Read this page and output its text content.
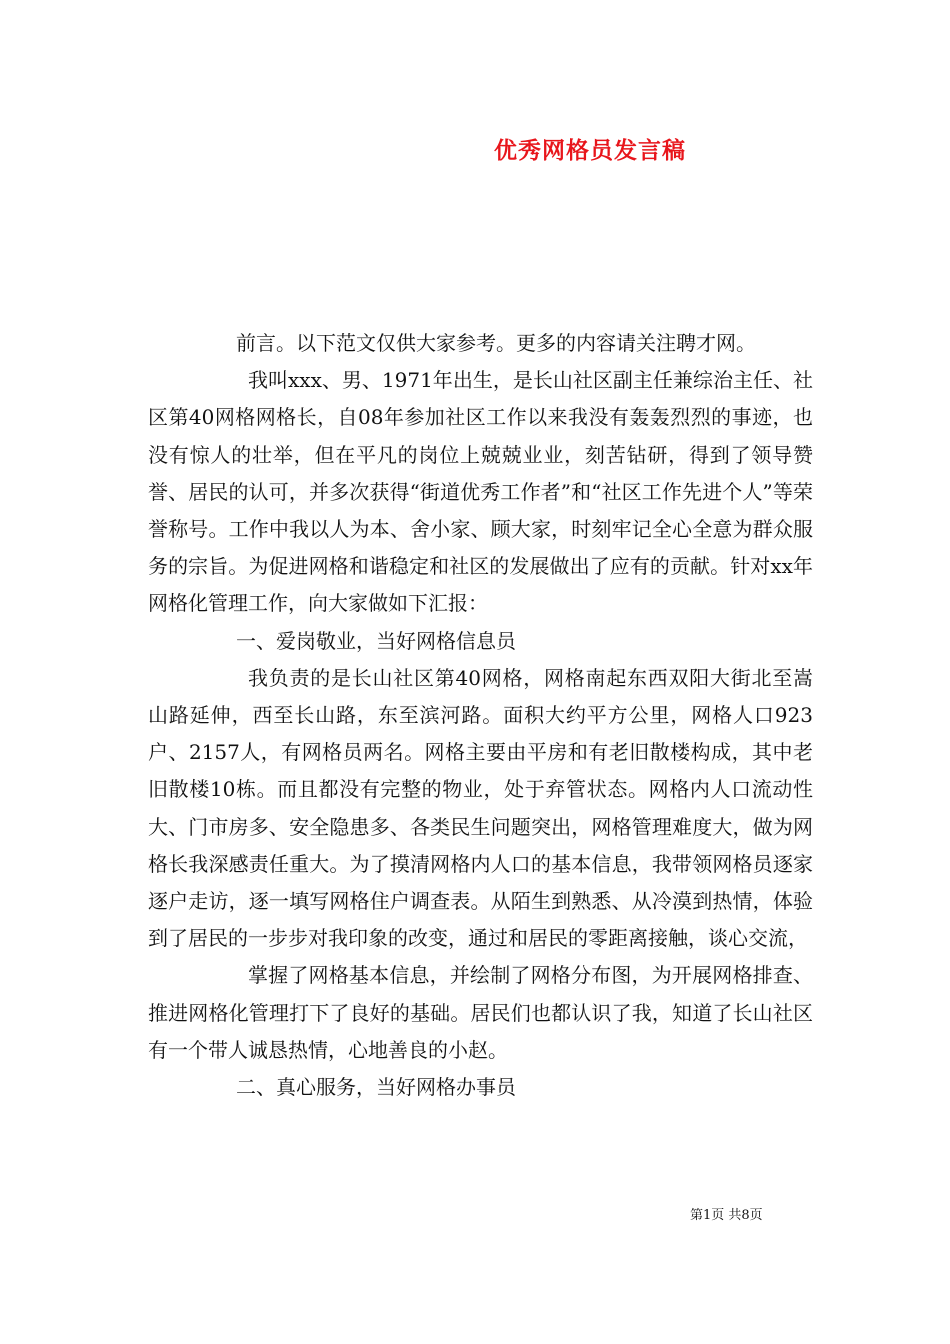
优秀网格员发言稿

前言。以下范文仅供大家参考。更多的内容请关注聘才网。

我叫xxx、男、1971年出生，是长山社区副主任兼综治主任、社区第40网格网格长，自08年参加社区工作以来我没有轰轰烈烈的事迹，也没有惊人的壮举，但在平凡的岗位上兢兢业业，刻苦钻研，得到了领导赞誉、居民的认可，并多次获得“街道优秀工作者”和“社区工作先进个人”等荣誉称号。工作中我以人为本、舍小家、顾大家，时刻牢记全心全意为群众服务的宗旨。为促进网格和谐稳定和社区的发展做出了应有的贡献。针对xx年网格化管理工作，向大家做如下汇报：

一、爱岗敬业，当好网格信息员

我负责的是长山社区第40网格，网格南起东西双阳大街北至嵩山路延伸，西至长山路，东至滨河路。面积大约平方公里，网格人口923户、2157人，有网格员两名。网格主要由平房和有老旧散楼构成，其中老旧散楼10栋。而且都没有完整的物业，处于弃管状态。网格内人口流动性大、门市房多、安全隐患多、各类民生问题突出，网格管理难度大，做为网格长我深感责任重大。为了摸清网格内人口的基本信息，我带领网格员逐家逐户走访，逐一填写网格住户调查表。从陌生到熟悉、从冷漠到热情，体验到了居民的一步步对我印象的改变，通过和居民的零距离接触，谈心交流，

掌握了网格基本信息，并绘制了网格分布图，为开展网格排查、推进网格化管理打下了良好的基础。居民们也都认识了我，知道了长山社区有一个带人诚恳热情，心地善良的小赵。

二、真心服务，当好网格办事员

第1页 共8页
